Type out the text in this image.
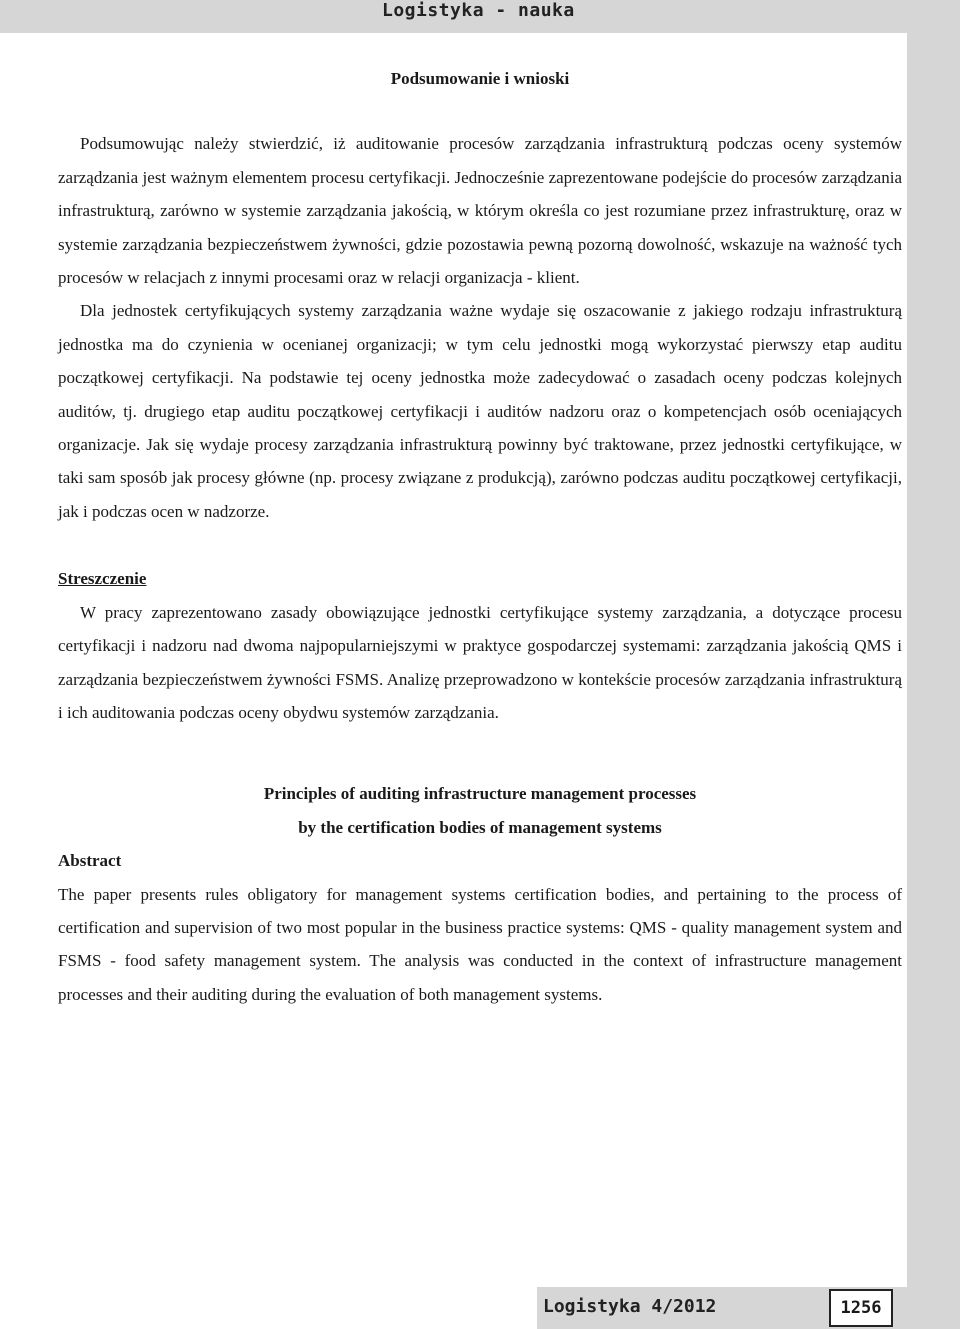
Logistyka - nauka
Podsumowanie i wnioski

Podsumowując należy stwierdzić, iż auditowanie procesów zarządzania infrastrukturą podczas oceny systemów zarządzania jest ważnym elementem procesu certyfikacji. Jednocześnie zaprezentowane podejście do procesów zarządzania infrastrukturą, zarówno w systemie zarządzania jakością, w którym określa co jest rozumiane przez infrastrukturę, oraz w systemie zarządzania bezpieczeństwem żywności, gdzie pozostawia pewną pozorną dowolność, wskazuje na ważność tych procesów w relacjach z innymi procesami oraz w relacji organizacja - klient.

Dla jednostek certyfikujących systemy zarządzania ważne wydaje się oszacowanie z jakiego rodzaju infrastrukturą jednostka ma do czynienia w ocenianej organizacji; w tym celu jednostki mogą wykorzystać pierwszy etap auditu początkowej certyfikacji. Na podstawie tej oceny jednostka może zadecydować o zasadach oceny podczas kolejnych auditów, tj. drugiego etap auditu początkowej certyfikacji i auditów nadzoru oraz o kompetencjach osób oceniających organizacje. Jak się wydaje procesy zarządzania infrastrukturą powinny być traktowane, przez jednostki certyfikujące, w taki sam sposób jak procesy główne (np. procesy związane z produkcją), zarówno podczas auditu początkowej certyfikacji, jak i podczas ocen w nadzorze.

Streszczenie

W pracy zaprezentowano zasady obowiązujące jednostki certyfikujące systemy zarządzania, a dotyczące procesu certyfikacji i nadzoru nad dwoma najpopularniejszymi w praktyce gospodarczej systemami: zarządzania jakością QMS i zarządzania bezpieczeństwem żywności FSMS. Analizę przeprowadzono w kontekście procesów zarządzania infrastrukturą i ich auditowania podczas oceny obydwu systemów zarządzania.

Principles of auditing infrastructure management processes
by the certification bodies of management systems
Abstract

The paper presents rules obligatory for management systems certification bodies, and pertaining to the process of certification and supervision of two most popular in the business practice systems: QMS - quality management system and FSMS - food safety management system. The analysis was conducted in the context of infrastructure management processes and their auditing during the evaluation of both management systems.

Logistyka 4/2012	1256
